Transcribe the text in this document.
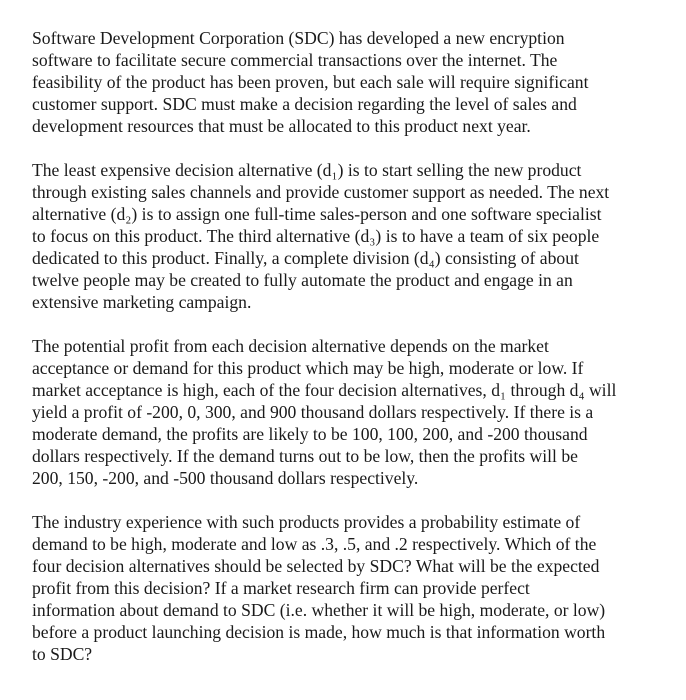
Software Development Corporation (SDC) has developed a new encryption
software to facilitate secure commercial transactions over the internet. The
feasibility of the product has been proven, but each sale will require significant
customer support. SDC must make a decision regarding the level of sales and
development resources that must be allocated to this product next year.

The least expensive decision alternative (d₁) is to start selling the new product
through existing sales channels and provide customer support as needed. The next
alternative (d₂) is to assign one full-time sales-person and one software specialist
to focus on this product. The third alternative (d₃) is to have a team of six people
dedicated to this product. Finally, a complete division (d₄) consisting of about
twelve people may be created to fully automate the product and engage in an
extensive marketing campaign.

The potential profit from each decision alternative depends on the market
acceptance or demand for this product which may be high, moderate or low. If
market acceptance is high, each of the four decision alternatives, d₁ through d₄ will
yield a profit of -200, 0, 300, and 900 thousand dollars respectively. If there is a
moderate demand, the profits are likely to be 100, 100, 200, and -200 thousand
dollars respectively. If the demand turns out to be low, then the profits will be
200, 150, -200, and -500 thousand dollars respectively.

The industry experience with such products provides a probability estimate of
demand to be high, moderate and low as .3, .5, and .2 respectively. Which of the
four decision alternatives should be selected by SDC? What will be the expected
profit from this decision? If a market research firm can provide perfect
information about demand to SDC (i.e. whether it will be high, moderate, or low)
before a product launching decision is made, how much is that information worth
to SDC?
